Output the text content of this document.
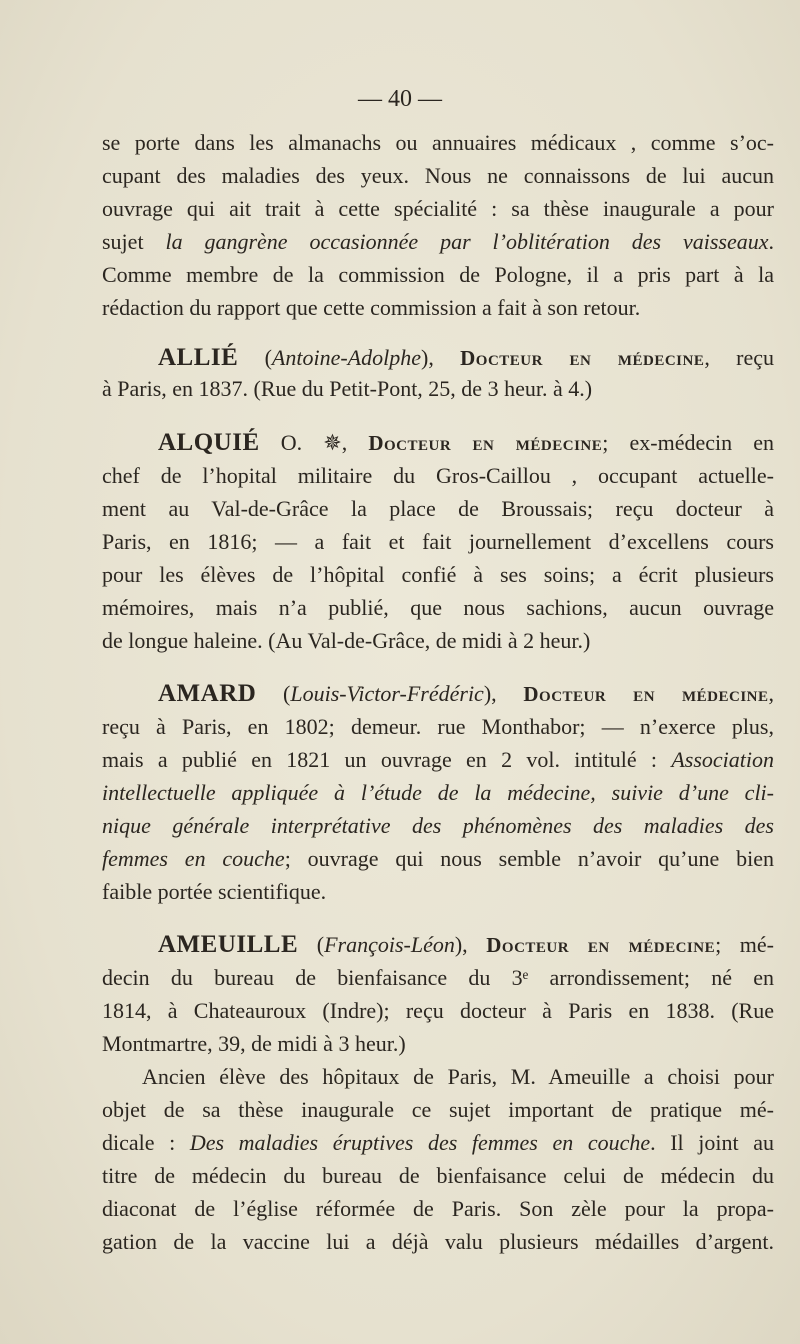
— 40 —
se porte dans les almanachs ou annuaires médicaux , comme s’oc-
cupant des maladies des yeux. Nous ne connaissons de lui aucun
ouvrage qui ait trait à cette spécialité : sa thèse inaugurale a pour
sujet la gangrène occasionnée par l’oblitération des vaisseaux.
Comme membre de la commission de Pologne, il a pris part à la
rédaction du rapport que cette commission a fait à son retour.
ALLIÉ (Antoine-Adolphe), Docteur en médecine, reçu
à Paris, en 1837. (Rue du Petit-Pont, 25, de 3 heur. à 4.)
ALQUIÉ O. ✵, Docteur en médecine; ex-médecin en
chef de l’hopital militaire du Gros-Caillou , occupant actuelle-
ment au Val-de-Grâce la place de Broussais; reçu docteur à
Paris, en 1816; — a fait et fait journellement d’excellens cours
pour les élèves de l’hôpital confié à ses soins; a écrit plusieurs
mémoires, mais n’a publié, que nous sachions, aucun ouvrage
de longue haleine. (Au Val-de-Grâce, de midi à 2 heur.)
AMARD (Louis-Victor-Frédéric), Docteur en médecine,
reçu à Paris, en 1802; demeur. rue Monthabor; — n’exerce plus,
mais a publié en 1821 un ouvrage en 2 vol. intitulé : Association
intellectuelle appliquée à l’étude de la médecine, suivie d’une cli-
nique générale interprétative des phénomènes des maladies des
femmes en couche; ouvrage qui nous semble n’avoir qu’une bien
faible portée scientifique.
AMEUILLE (François-Léon), Docteur en médecine; mé-
decin du bureau de bienfaisance du 3ᵉ arrondissement; né en
1814, à Chateauroux (Indre); reçu docteur à Paris en 1838. (Rue
Montmartre, 39, de midi à 3 heur.)
Ancien élève des hôpitaux de Paris, M. Ameuille a choisi pour
objet de sa thèse inaugurale ce sujet important de pratique mé-
dicale : Des maladies éruptives des femmes en couche. Il joint au
titre de médecin du bureau de bienfaisance celui de médecin du
diaconat de l’église réformée de Paris. Son zèle pour la propa-
gation de la vaccine lui a déjà valu plusieurs médailles d’argent.
